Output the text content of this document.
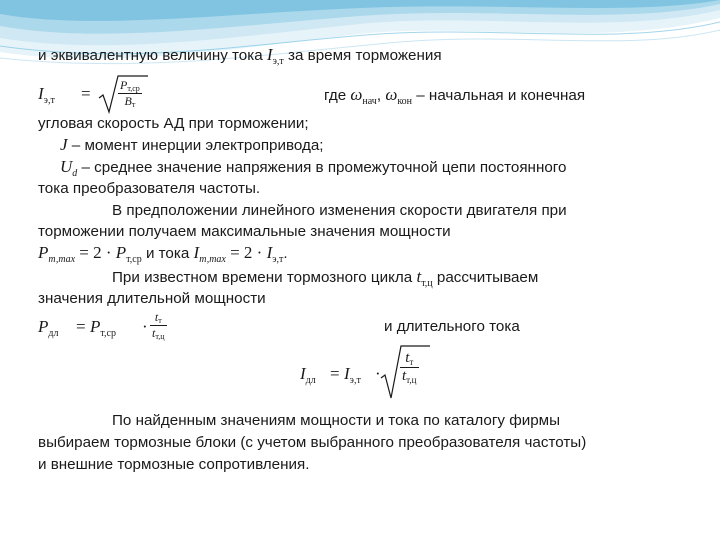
и эквивалентную величину тока $I_{э,т}$ за время торможения
$I_{э,т} = Pт,ср$
Bт
где $\omega_{нач}$, $\omega_{кон}$ – начальная и конечная
угловая скорость АД при торможении;
J – момент инерции электропривода;
$U_d$ – среднее значение напряжения в промежуточной цепи постоянного
тока преобразователя частоты.
В предположении линейного изменения скорости двигателя при
торможении получаем максимальные значения мощности
$P_{т,max} = 2 \cdot P_{т,ср}$ и тока $I_{т,max} = 2 \cdot I_{э,т}$.
При известном времени тормозного цикла $t_{т,ц}$ рассчитываем
значения длительной мощности
$P_{дл} = P_{т,ср}$ · tт
tт,ц
и длительного тока
$I_{дл} = I_{э,т}$ ·
$t_т$
$t_{т,ц}$
По найденным значениям мощности и тока по каталогу фирмы
выбираем тормозные блоки (с учетом выбранного преобразователя частоты)
и внешние тормозные сопротивления.
